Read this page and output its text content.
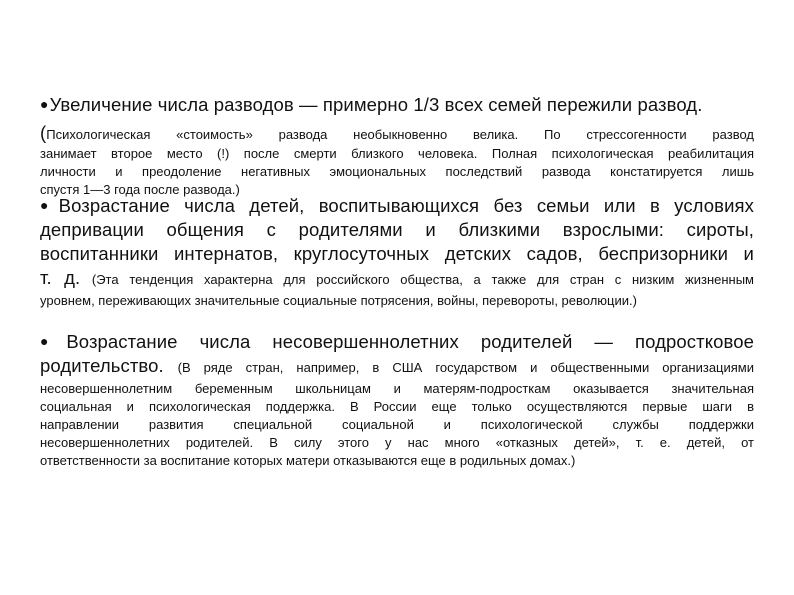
●Увеличение числа разводов — примерно 1/3 всех семей пережили развод.
(Психологическая «стоимость» развода необыкновенно велика. По стрессогенности развод
занимает второе место (!) после смерти близкого человека. Полная психологическая реабилитация
личности и преодоление негативных эмоциональных последствий развода констатируется лишь
спустя 1—3 года после развода.)
●Возрастание числа детей, воспитывающихся без семьи или в условиях
депривации общения с родителями и близкими взрослыми: сироты,
воспитанники интернатов, круглосуточных детских садов, беспризорники и
т. д. (Эта тенденция характерна для российского общества, а также для стран с низким жизненным
уровнем, переживающих значительные социальные потрясения, войны, перевороты, революции.)
●Возрастание числа несовершеннолетних родителей — подростковое
родительство. (В ряде стран, например, в США государством и общественными организациями
несовершеннолетним беременным школьницам и матерям-подросткам оказывается значительная
социальная и психологическая поддержка. В России еще только осуществляются первые шаги в
направлении развития специальной социальной и психологической службы поддержки
несовершеннолетних родителей. В силу этого у нас много «отказных детей», т. е. детей, от
ответственности за воспитание которых матери отказываются еще в родильных домах.)
